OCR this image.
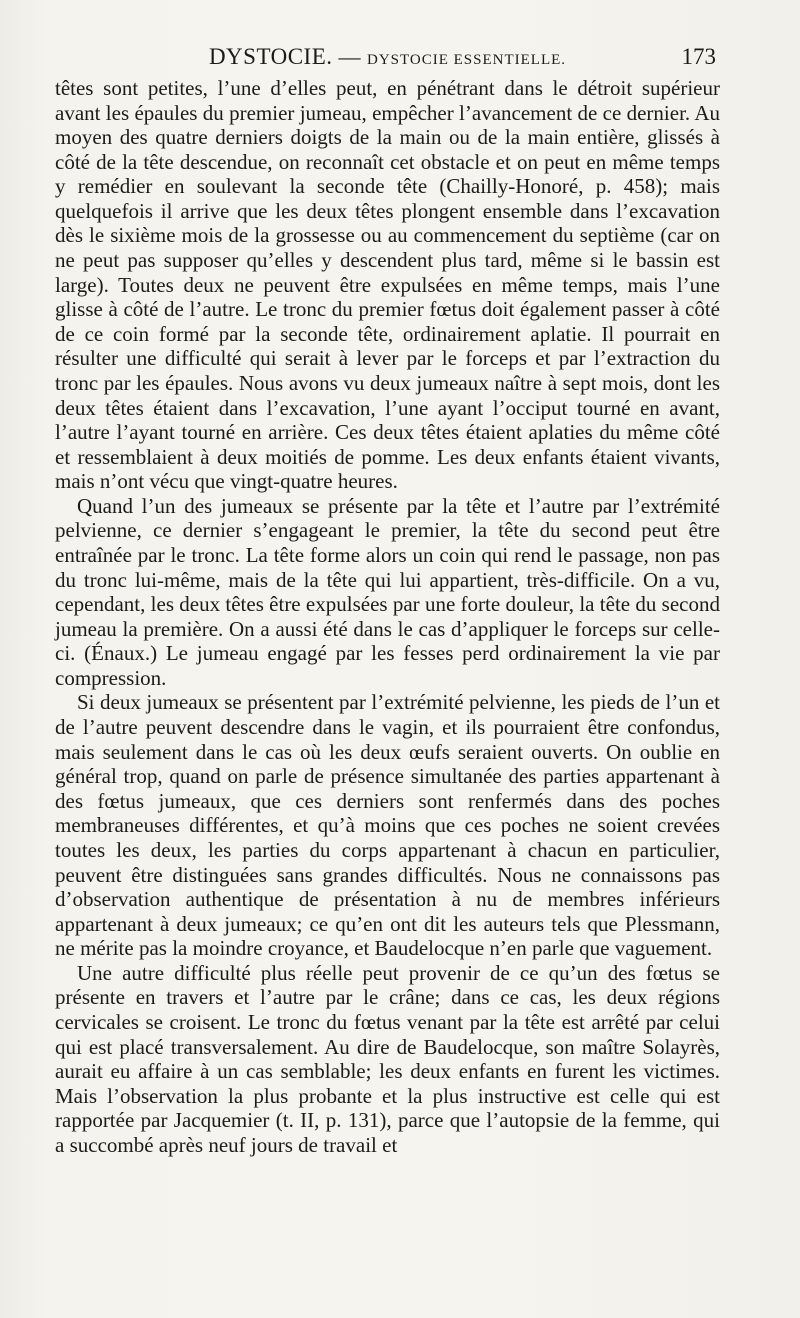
DYSTOCIE. — DYSTOCIE ESSENTIELLE.	173

têtes sont petites, l’une d’elles peut, en pénétrant dans le détroit supérieur avant les épaules du premier jumeau, empêcher l’avancement de ce dernier. Au moyen des quatre derniers doigts de la main ou de la main entière, glissés à côté de la tête descendue, on reconnaît cet obstacle et on peut en même temps y remédier en soulevant la seconde tête (Chailly-Honoré, p. 458); mais quelquefois il arrive que les deux têtes plongent ensemble dans l’excavation dès le sixième mois de la grossesse ou au commencement du septième (car on ne peut pas supposer qu’elles y descendent plus tard, même si le bassin est large). Toutes deux ne peuvent être expulsées en même temps, mais l’une glisse à côté de l’autre. Le tronc du premier fœtus doit également passer à côté de ce coin formé par la seconde tête, ordinairement aplatie. Il pourrait en résulter une difficulté qui serait à lever par le forceps et par l’extraction du tronc par les épaules. Nous avons vu deux jumeaux naître à sept mois, dont les deux têtes étaient dans l’excavation, l’une ayant l’occiput tourné en avant, l’autre l’ayant tourné en arrière. Ces deux têtes étaient aplaties du même côté et ressemblaient à deux moitiés de pomme. Les deux enfants étaient vivants, mais n’ont vécu que vingt-quatre heures.

Quand l’un des jumeaux se présente par la tête et l’autre par l’extrémité pelvienne, ce dernier s’engageant le premier, la tête du second peut être entraînée par le tronc. La tête forme alors un coin qui rend le passage, non pas du tronc lui-même, mais de la tête qui lui appartient, très-difficile. On a vu, cependant, les deux têtes être expulsées par une forte douleur, la tête du second jumeau la première. On a aussi été dans le cas d’appliquer le forceps sur celle-ci. (Énaux.) Le jumeau engagé par les fesses perd ordinairement la vie par compression.

Si deux jumeaux se présentent par l’extrémité pelvienne, les pieds de l’un et de l’autre peuvent descendre dans le vagin, et ils pourraient être confondus, mais seulement dans le cas où les deux œufs seraient ouverts. On oublie en général trop, quand on parle de présence simultanée des parties appartenant à des fœtus jumeaux, que ces derniers sont renfermés dans des poches membraneuses différentes, et qu’à moins que ces poches ne soient crevées toutes les deux, les parties du corps appartenant à chacun en particulier, peuvent être distinguées sans grandes difficultés. Nous ne connaissons pas d’observation authentique de présentation à nu de membres inférieurs appartenant à deux jumeaux; ce qu’en ont dit les auteurs tels que Plessmann, ne mérite pas la moindre croyance, et Baudelocque n’en parle que vaguement.

Une autre difficulté plus réelle peut provenir de ce qu’un des fœtus se présente en travers et l’autre par le crâne; dans ce cas, les deux régions cervicales se croisent. Le tronc du fœtus venant par la tête est arrêté par celui qui est placé transversalement. Au dire de Baudelocque, son maître Solayrès, aurait eu affaire à un cas semblable; les deux enfants en furent les victimes. Mais l’observation la plus probante et la plus instructive est celle qui est rapportée par Jacquemier (t. II, p. 131), parce que l’autopsie de la femme, qui a succombé après neuf jours de travail et
